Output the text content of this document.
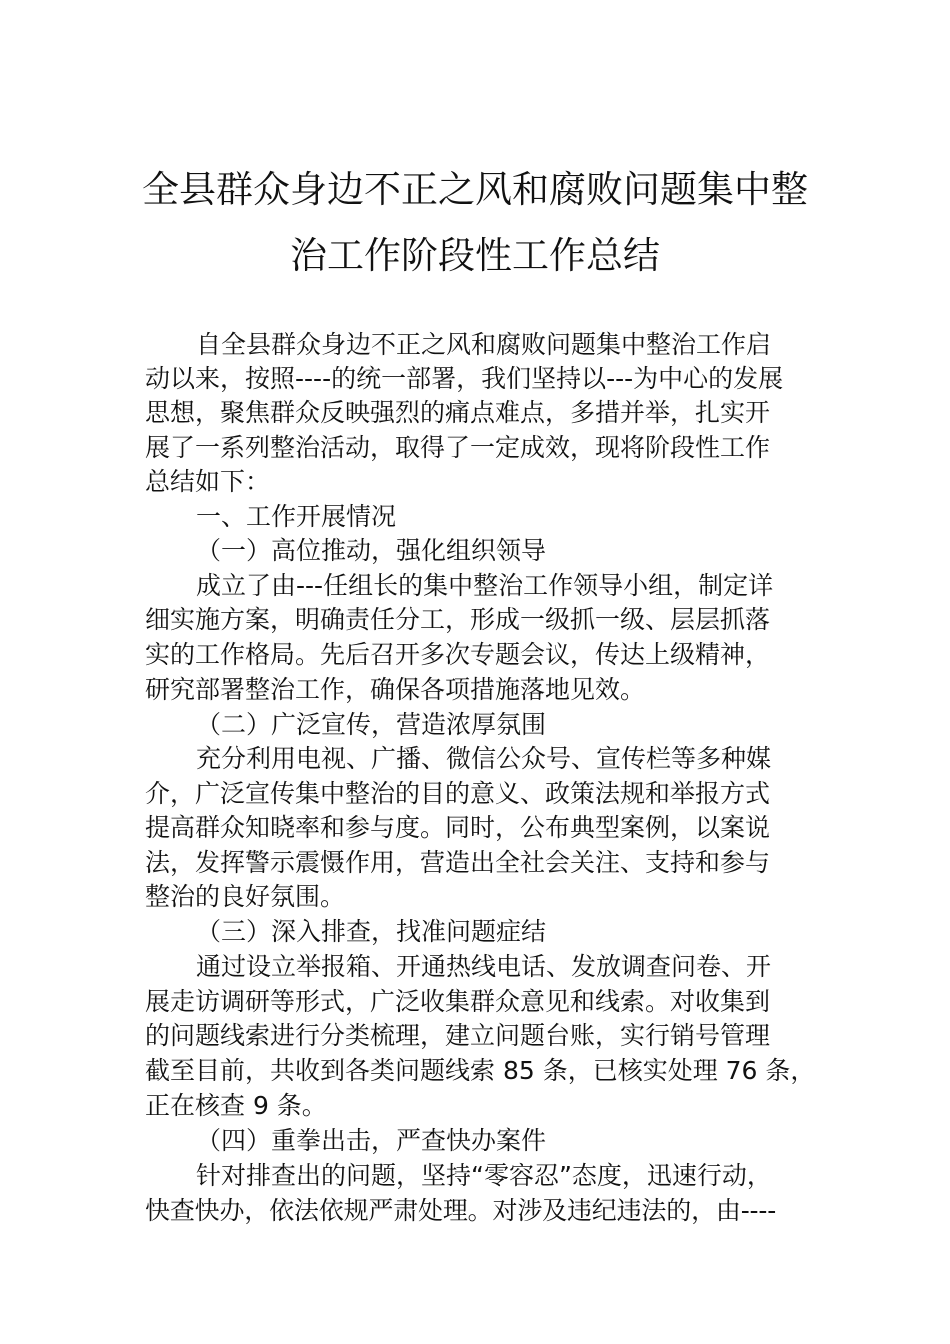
全县群众身边不正之风和腐败问题集中整
治工作阶段性工作总结
自全县群众身边不正之风和腐败问题集中整治工作启
动以来，按照----的统一部署，我们坚持以---为中心的发展
思想，聚焦群众反映强烈的痛点难点，多措并举，扎实开
展了一系列整治活动，取得了一定成效，现将阶段性工作
总结如下：
一、工作开展情况
（一）高位推动，强化组织领导
成立了由---任组长的集中整治工作领导小组，制定详
细实施方案，明确责任分工，形成一级抓一级、层层抓落
实的工作格局。先后召开多次专题会议，传达上级精神，
研究部署整治工作，确保各项措施落地见效。
（二）广泛宣传，营造浓厚氛围
充分利用电视、广播、微信公众号、宣传栏等多种媒
介，广泛宣传集中整治的目的意义、政策法规和举报方式
提高群众知晓率和参与度。同时，公布典型案例，以案说
法，发挥警示震慑作用，营造出全社会关注、支持和参与
整治的良好氛围。
（三）深入排查，找准问题症结
通过设立举报箱、开通热线电话、发放调查问卷、开
展走访调研等形式，广泛收集群众意见和线索。对收集到
的问题线索进行分类梳理，建立问题台账，实行销号管理
截至目前，共收到各类问题线索 85 条，已核实处理 76 条，
正在核查 9 条。
（四）重拳出击，严查快办案件
针对排查出的问题，坚持“零容忍”态度，迅速行动，
快查快办，依法依规严肃处理。对涉及违纪违法的，由----
